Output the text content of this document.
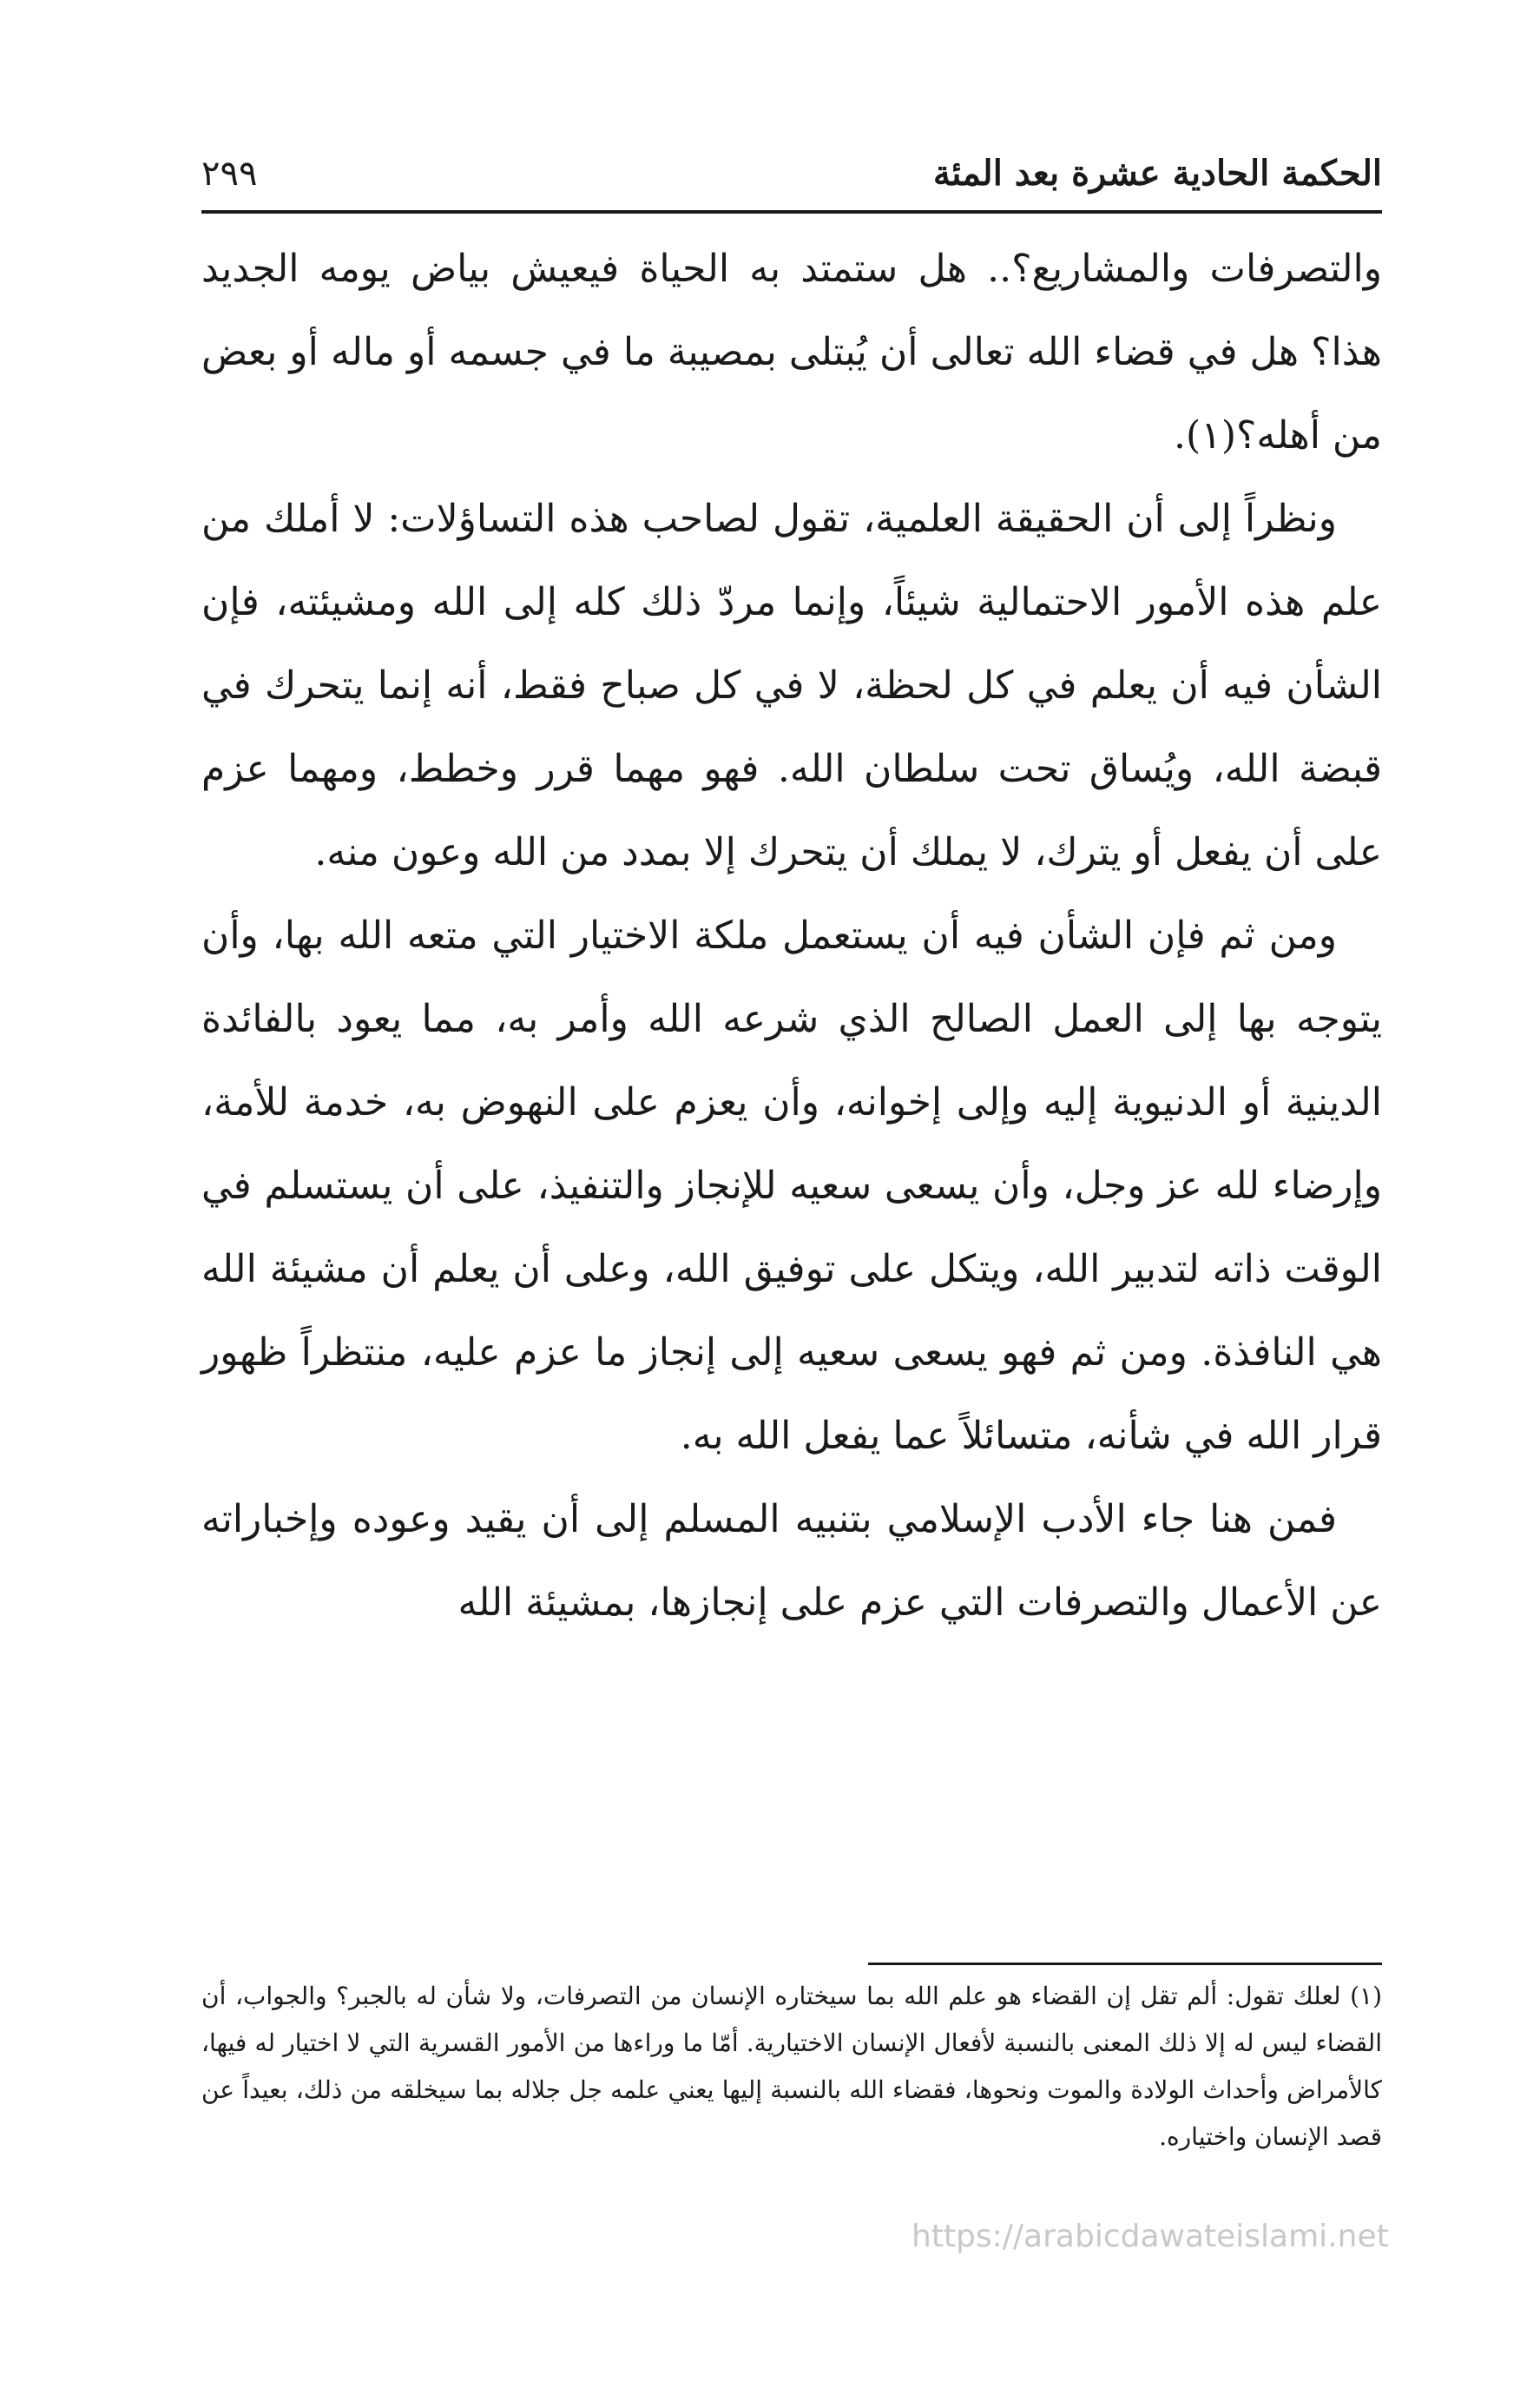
الحكمة الحادية عشرة بعد المئة
٢٩٩

والتصرفات والمشاريع؟.. هل ستمتد به الحياة فيعيش بياض يومه الجديد هذا؟ هل في قضاء الله تعالى أن يُبتلى بمصيبة ما في جسمه أو ماله أو بعض من أهله؟(١).

ونظراً إلى أن الحقيقة العلمية، تقول لصاحب هذه التساؤلات: لا أملك من علم هذه الأمور الاحتمالية شيئاً، وإنما مردّ ذلك كله إلى الله ومشيئته، فإن الشأن فيه أن يعلم في كل لحظة، لا في كل صباح فقط، أنه إنما يتحرك في قبضة الله، ويُساق تحت سلطان الله. فهو مهما قرر وخطط، ومهما عزم على أن يفعل أو يترك، لا يملك أن يتحرك إلا بمدد من الله وعون منه.

ومن ثم فإن الشأن فيه أن يستعمل ملكة الاختيار التي متعه الله بها، وأن يتوجه بها إلى العمل الصالح الذي شرعه الله وأمر به، مما يعود بالفائدة الدينية أو الدنيوية إليه وإلى إخوانه، وأن يعزم على النهوض به، خدمة للأمة، وإرضاء لله عز وجل، وأن يسعى سعيه للإنجاز والتنفيذ، على أن يستسلم في الوقت ذاته لتدبير الله، ويتكل على توفيق الله، وعلى أن يعلم أن مشيئة الله هي النافذة. ومن ثم فهو يسعى سعيه إلى إنجاز ما عزم عليه، منتظراً ظهور قرار الله في شأنه، متسائلاً عما يفعل الله به.

فمن هنا جاء الأدب الإسلامي بتنبيه المسلم إلى أن يقيد وعوده وإخباراته عن الأعمال والتصرفات التي عزم على إنجازها، بمشيئة الله

(١) لعلك تقول: ألم تقل إن القضاء هو علم الله بما سيختاره الإنسان من التصرفات، ولا شأن له بالجبر؟ والجواب، أن القضاء ليس له إلا ذلك المعنى بالنسبة لأفعال الإنسان الاختيارية. أمّا ما وراءها من الأمور القسرية التي لا اختيار له فيها، كالأمراض وأحداث الولادة والموت ونحوها، فقضاء الله بالنسبة إليها يعني علمه جل جلاله بما سيخلقه من ذلك، بعيداً عن قصد الإنسان واختياره.

https://arabicdawateislami.net
